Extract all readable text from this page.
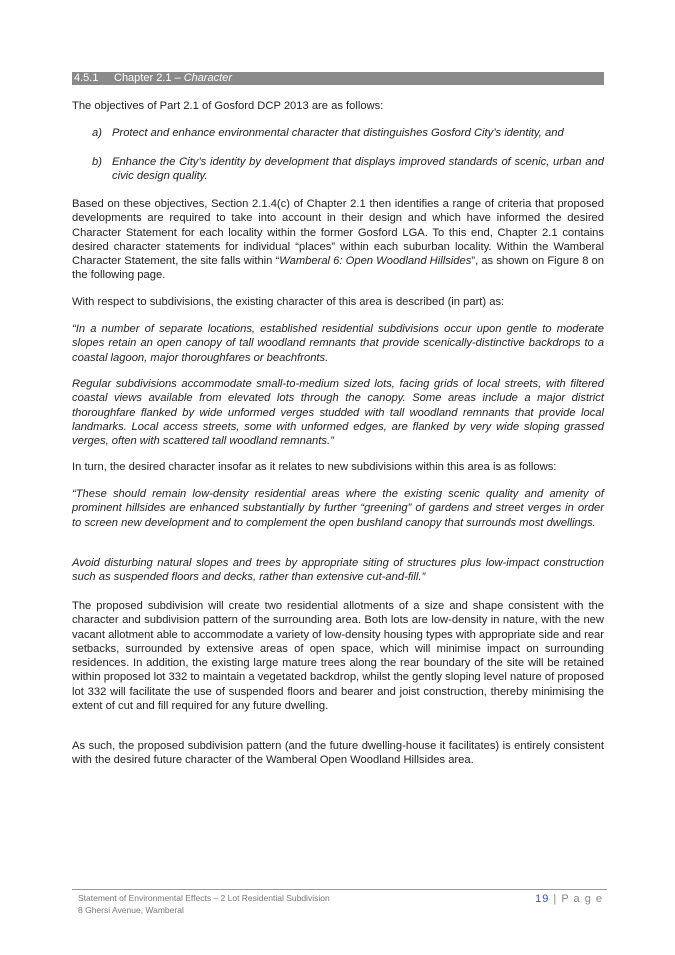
4.5.1 Chapter 2.1 – Character
The objectives of Part 2.1 of Gosford DCP 2013 are as follows:
a) Protect and enhance environmental character that distinguishes Gosford City’s identity, and
b) Enhance the City’s identity by development that displays improved standards of scenic, urban and civic design quality.
Based on these objectives, Section 2.1.4(c) of Chapter 2.1 then identifies a range of criteria that proposed developments are required to take into account in their design and which have informed the desired Character Statement for each locality within the former Gosford LGA. To this end, Chapter 2.1 contains desired character statements for individual “places” within each suburban locality. Within the Wamberal Character Statement, the site falls within “Wamberal 6: Open Woodland Hillsides”, as shown on Figure 8 on the following page.
With respect to subdivisions, the existing character of this area is described (in part) as:
“In a number of separate locations, established residential subdivisions occur upon gentle to moderate slopes retain an open canopy of tall woodland remnants that provide scenically-distinctive backdrops to a coastal lagoon, major thoroughfares or beachfronts.
Regular subdivisions accommodate small-to-medium sized lots, facing grids of local streets, with filtered coastal views available from elevated lots through the canopy. Some areas include a major district thoroughfare flanked by wide unformed verges studded with tall woodland remnants that provide local landmarks. Local access streets, some with unformed edges, are flanked by very wide sloping grassed verges, often with scattered tall woodland remnants.”
In turn, the desired character insofar as it relates to new subdivisions within this area is as follows:
“These should remain low-density residential areas where the existing scenic quality and amenity of prominent hillsides are enhanced substantially by further “greening” of gardens and street verges in order to screen new development and to complement the open bushland canopy that surrounds most dwellings.
Avoid disturbing natural slopes and trees by appropriate siting of structures plus low-impact construction such as suspended floors and decks, rather than extensive cut-and-fill.”
The proposed subdivision will create two residential allotments of a size and shape consistent with the character and subdivision pattern of the surrounding area. Both lots are low-density in nature, with the new vacant allotment able to accommodate a variety of low-density housing types with appropriate side and rear setbacks, surrounded by extensive areas of open space, which will minimise impact on surrounding residences. In addition, the existing large mature trees along the rear boundary of the site will be retained within proposed lot 332 to maintain a vegetated backdrop, whilst the gently sloping level nature of proposed lot 332 will facilitate the use of suspended floors and bearer and joist construction, thereby minimising the extent of cut and fill required for any future dwelling.
As such, the proposed subdivision pattern (and the future dwelling-house it facilitates) is entirely consistent with the desired future character of the Wamberal Open Woodland Hillsides area.
Statement of Environmental Effects – 2 Lot Residential Subdivision
8 Ghersi Avenue, Wamberal
19 | P a g e
